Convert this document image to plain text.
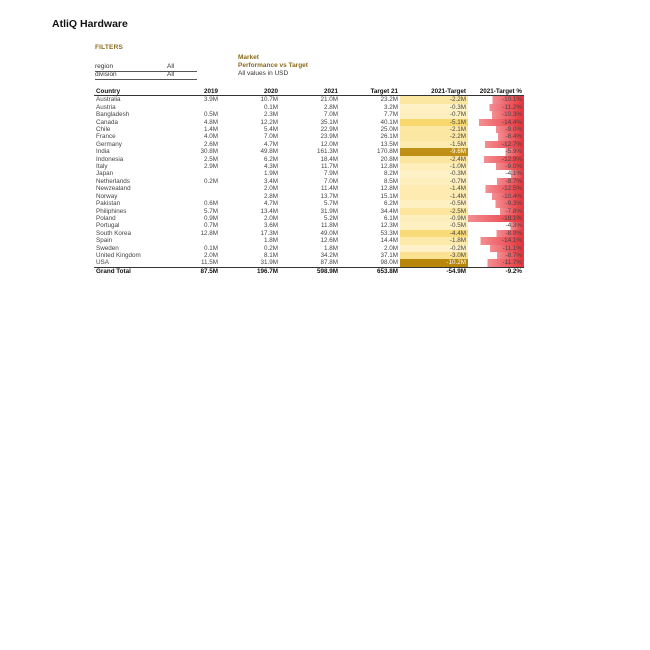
AtliQ Hardware
FILTERS
region	All
division	All
Market
Performance vs Target
All values in USD
Country	2019	2020	2021	Target 21	2021-Target	2021-Target %
Australia	3.9M	10.7M	21.0M	23.2M	-2.2M	-10.1%
Austria		0.1M	2.8M	3.2M	-0.3M	-11.2%
Bangladesh	0.5M	2.3M	7.0M	7.7M	-0.7M	-10.3%
Canada	4.8M	12.2M	35.1M	40.1M	-5.1M	-14.4%
Chile	1.4M	5.4M	22.9M	25.0M	-2.1M	-9.0%
France	4.0M	7.0M	23.9M	26.1M	-2.2M	-8.4%
Germany	2.6M	4.7M	12.0M	13.5M	-1.5M	-12.7%
India	30.8M	49.8M	161.3M	170.8M	-9.6M	-5.9%
Indonesia	2.5M	6.2M	18.4M	20.8M	-2.4M	-12.9%
Italy	2.9M	4.3M	11.7M	12.8M	-1.0M	-9.0%
Japan		1.9M	7.9M	8.2M	-0.3M	-4.1%
Netherlands	0.2M	3.4M	7.0M	8.5M	-0.7M	-8.7%
Newzealand		2.0M	11.4M	12.8M	-1.4M	-12.5%
Norway		2.8M	13.7M	15.1M	-1.4M	-10.4%
Pakistan	0.6M	4.7M	5.7M	6.2M	-0.5M	-9.3%
Philiphines	5.7M	13.4M	31.9M	34.4M	-2.5M	-7.8%
Poland	0.9M	2.0M	5.2M	6.1M	-0.9M	-18.1%
Portugal	0.7M	3.6M	11.8M	12.3M	-0.5M	-4.3%
South Korea	12.8M	17.3M	49.0M	53.3M	-4.4M	-8.9%
Spain		1.8M	12.6M	14.4M	-1.8M	-14.1%
Sweden	0.1M	0.2M	1.8M	2.0M	-0.2M	-11.1%
United Kingdom	2.0M	8.1M	34.2M	37.1M	-3.0M	-8.7%
USA	11.5M	31.9M	87.8M	98.0M	-10.2M	-11.7%
Grand Total	87.5M	196.7M	598.9M	653.8M	-54.9M	-9.2%
